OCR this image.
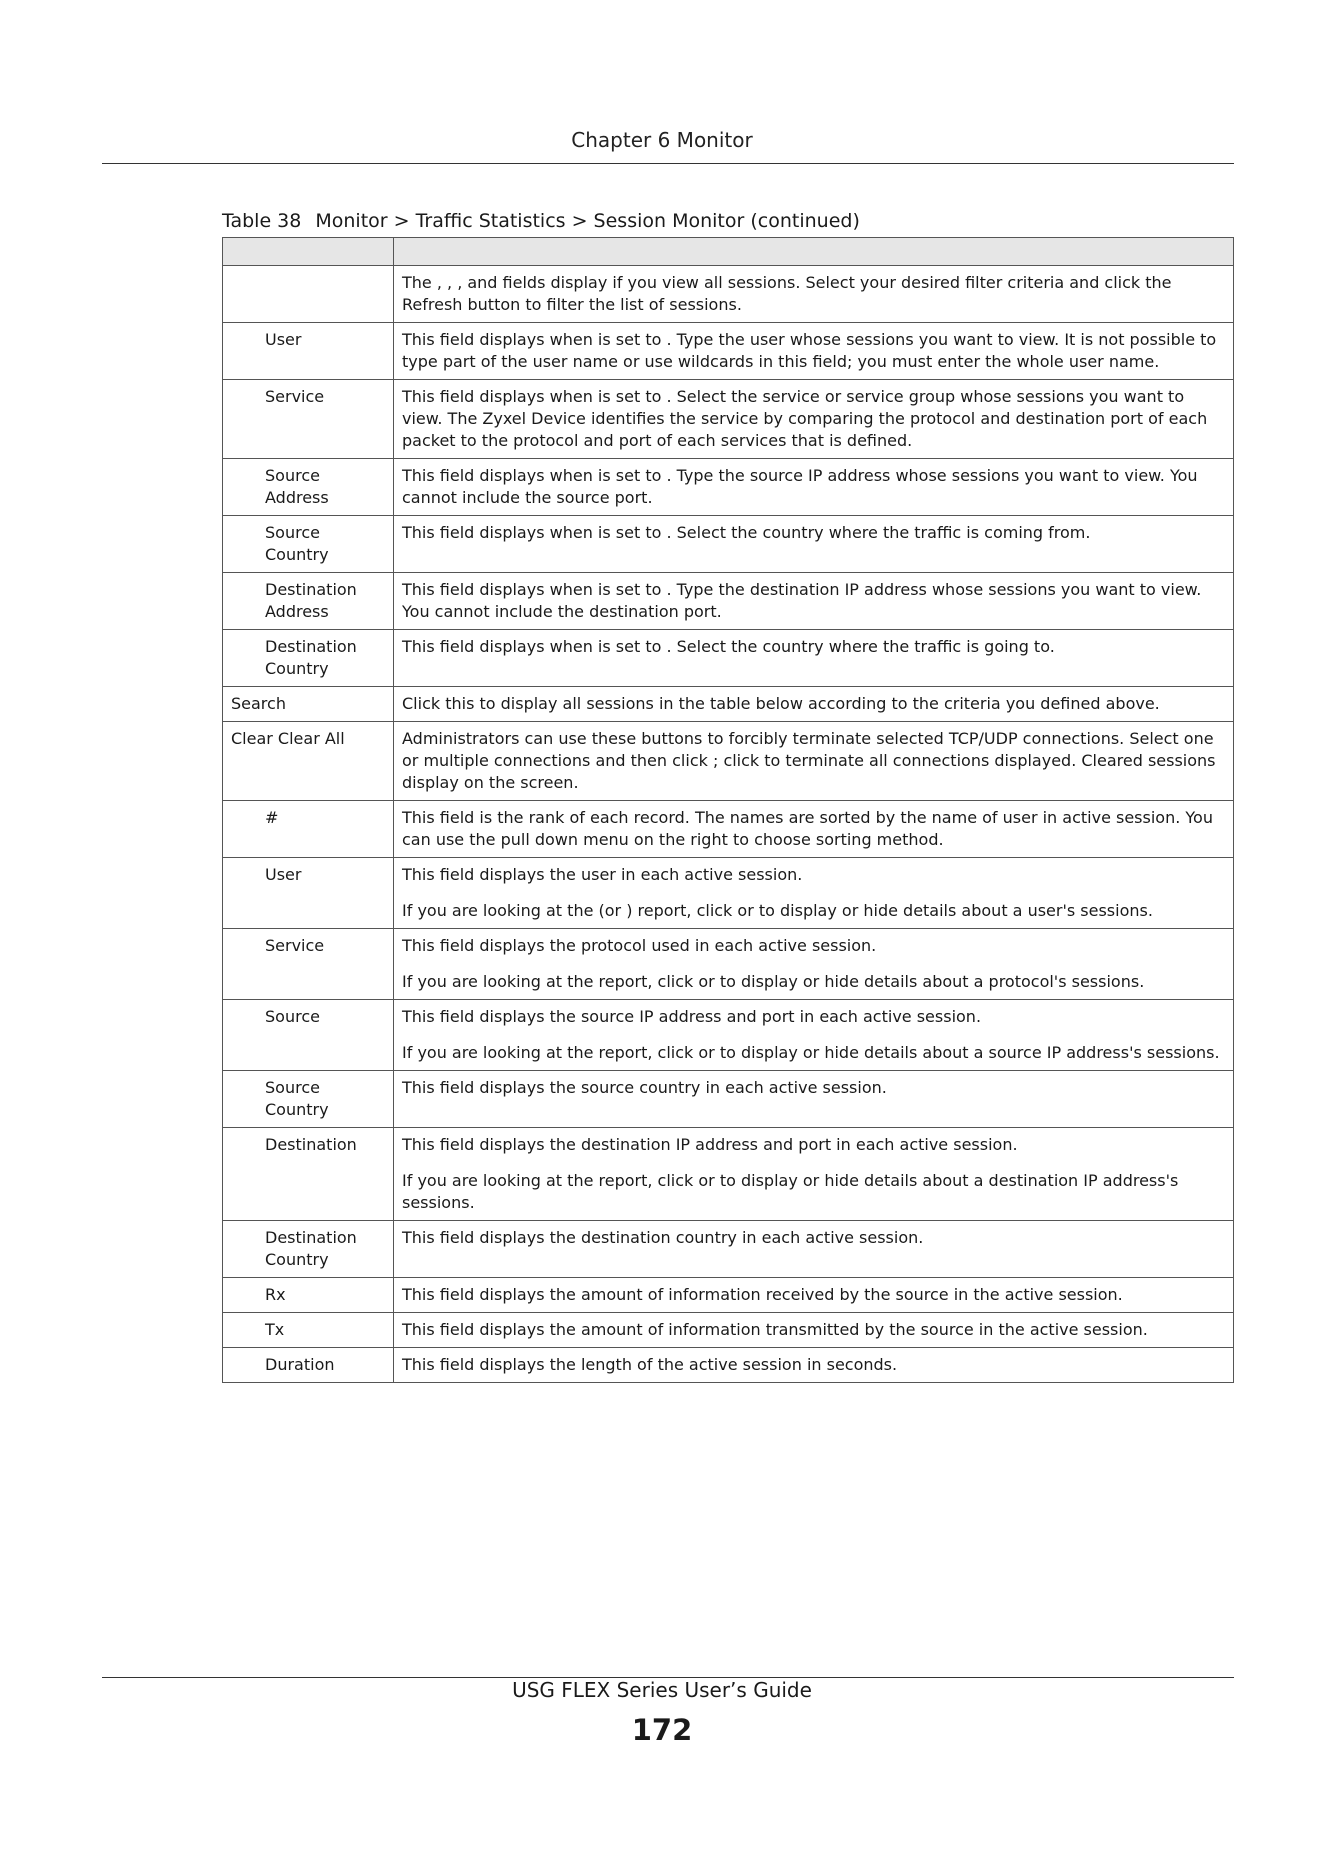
Chapter 6 Monitor
Table 38 Monitor > Traffic Statistics > Session Monitor (continued)

	The , , , and fields display if you view all sessions. Select your desired filter criteria and click the Refresh button to filter the list of sessions.

User	This field displays when is set to . Type the user whose sessions you want to view. It is not possible to type part of the user name or use wildcards in this field; you must enter the whole user name.

Service	This field displays when is set to . Select the service or service group whose sessions you want to view. The Zyxel Device identifies the service by comparing the protocol and destination port of each packet to the protocol and port of each services that is defined.

Source Address	This field displays when is set to . Type the source IP address whose sessions you want to view. You cannot include the source port.

Source Country	This field displays when is set to . Select the country where the traffic is coming from.

Destination Address	This field displays when is set to . Type the destination IP address whose sessions you want to view. You cannot include the destination port.

Destination Country	This field displays when is set to . Select the country where the traffic is going to.

Search	Click this to display all sessions in the table below according to the criteria you defined above.

Clear Clear All	Administrators can use these buttons to forcibly terminate selected TCP/UDP connections. Select one or multiple connections and then click ; click to terminate all connections displayed. Cleared sessions display on the screen.

#	This field is the rank of each record. The names are sorted by the name of user in active session. You can use the pull down menu on the right to choose sorting method.

User	This field displays the user in each active session.

If you are looking at the (or ) report, click or to display or hide details about a user's sessions.

Service	This field displays the protocol used in each active session.

If you are looking at the report, click or to display or hide details about a protocol's sessions.

Source	This field displays the source IP address and port in each active session.

If you are looking at the report, click or to display or hide details about a source IP address's sessions.

Source Country	This field displays the source country in each active session.

Destination	This field displays the destination IP address and port in each active session.

If you are looking at the report, click or to display or hide details about a destination IP address's sessions.

Destination Country	This field displays the destination country in each active session.

Rx	This field displays the amount of information received by the source in the active session.

Tx	This field displays the amount of information transmitted by the source in the active session.

Duration	This field displays the length of the active session in seconds.

USG FLEX Series User’s Guide
172
